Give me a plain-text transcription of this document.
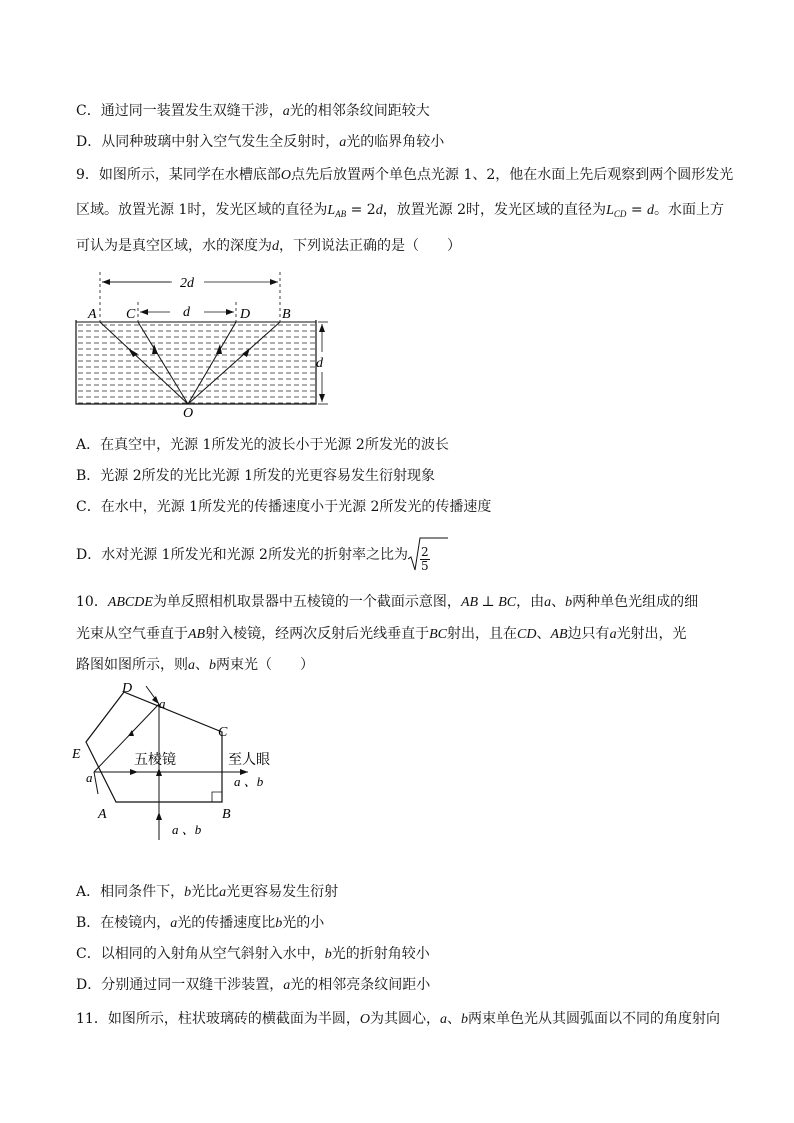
C．通过同一装置发生双缝干涉，a光的相邻条纹间距较大
D．从同种玻璃中射入空气发生全反射时，a光的临界角较小
9．如图所示，某同学在水槽底部O点先后放置两个单色点光源 1、2，他在水面上先后观察到两个圆形发光
区域。放置光源 1时，发光区域的直径为$L_{AB} = 2d$，放置光源 2时，发光区域的直径为$L_{CD} = d$。水面上方
可认为是真空区域，水的深度为d，下列说法正确的是（　　）
2d
d
d
A C	D B
O
A．在真空中，光源 1所发光的波长小于光源 2所发光的波长
B．光源 2所发的光比光源 1所发的光更容易发生衍射现象
C．在水中，光源 1所发光的传播速度小于光源 2所发光的传播速度
D．水对光源 1所发光和光源 2所发光的折射率之比为 $\frac{2}{5}$
10．ABCDE为单反照相机取景器中五棱镜的一个截面示意图，AB ⊥ BC，由a、b两种单色光组成的细
光束从空气垂直于AB射入棱镜，经两次反射后光线垂直于BC射出，且在CD、AB边只有a光射出，光
路图如图所示，则a、b两束光（　　）
D
C
E
A	B
a
a
五棱镜	至人眼
a 、b
a 、b
A．相同条件下，b光比a光更容易发生衍射
B．在棱镜内，a光的传播速度比b光的小
C．以相同的入射角从空气斜射入水中，b光的折射角较小
D．分别通过同一双缝干涉装置，a光的相邻亮条纹间距小
11．如图所示，柱状玻璃砖的横截面为半圆，O为其圆心，a、b两束单色光从其圆弧面以不同的角度射向
